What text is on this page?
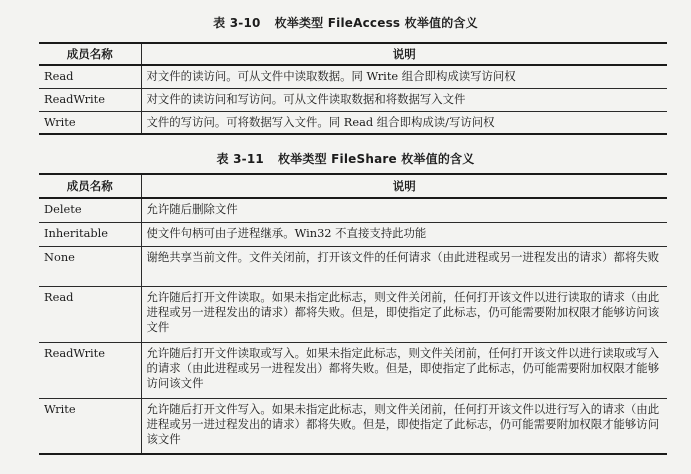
表 3-10 枚举类型 FileAccess 枚举值的含义
成员名称	说明
Read	对文件的读访问。可从文件中读取数据。同 Write 组合即构成读写访问权
ReadWrite	对文件的读访问和写访问。可从文件读取数据和将数据写入文件
Write	文件的写访问。可将数据写入文件。同 Read 组合即构成读/写访问权
表 3-11 枚举类型 FileShare 枚举值的含义
成员名称	说明
Delete	允许随后删除文件
Inheritable	使文件句柄可由子进程继承。Win32 不直接支持此功能
None	谢绝共享当前文件。文件关闭前，打开该文件的任何请求（由此进程或另一进程发出的请求）都将失败
Read	允许随后打开文件读取。如果未指定此标志，则文件关闭前，任何打开该文件以进行读取的请求（由此进程或另一进程发出的请求）都将失败。但是，即使指定了此标志，仍可能需要附加权限才能够访问该文件
ReadWrite	允许随后打开文件读取或写入。如果未指定此标志，则文件关闭前，任何打开该文件以进行读取或写入的请求（由此进程或另一进程发出）都将失败。但是，即使指定了此标志，仍可能需要附加权限才能够访问该文件
Write	允许随后打开文件写入。如果未指定此标志，则文件关闭前，任何打开该文件以进行写入的请求（由此进程或另一进过程发出的请求）都将失败。但是，即使指定了此标志，仍可能需要附加权限才能够访问该文件
